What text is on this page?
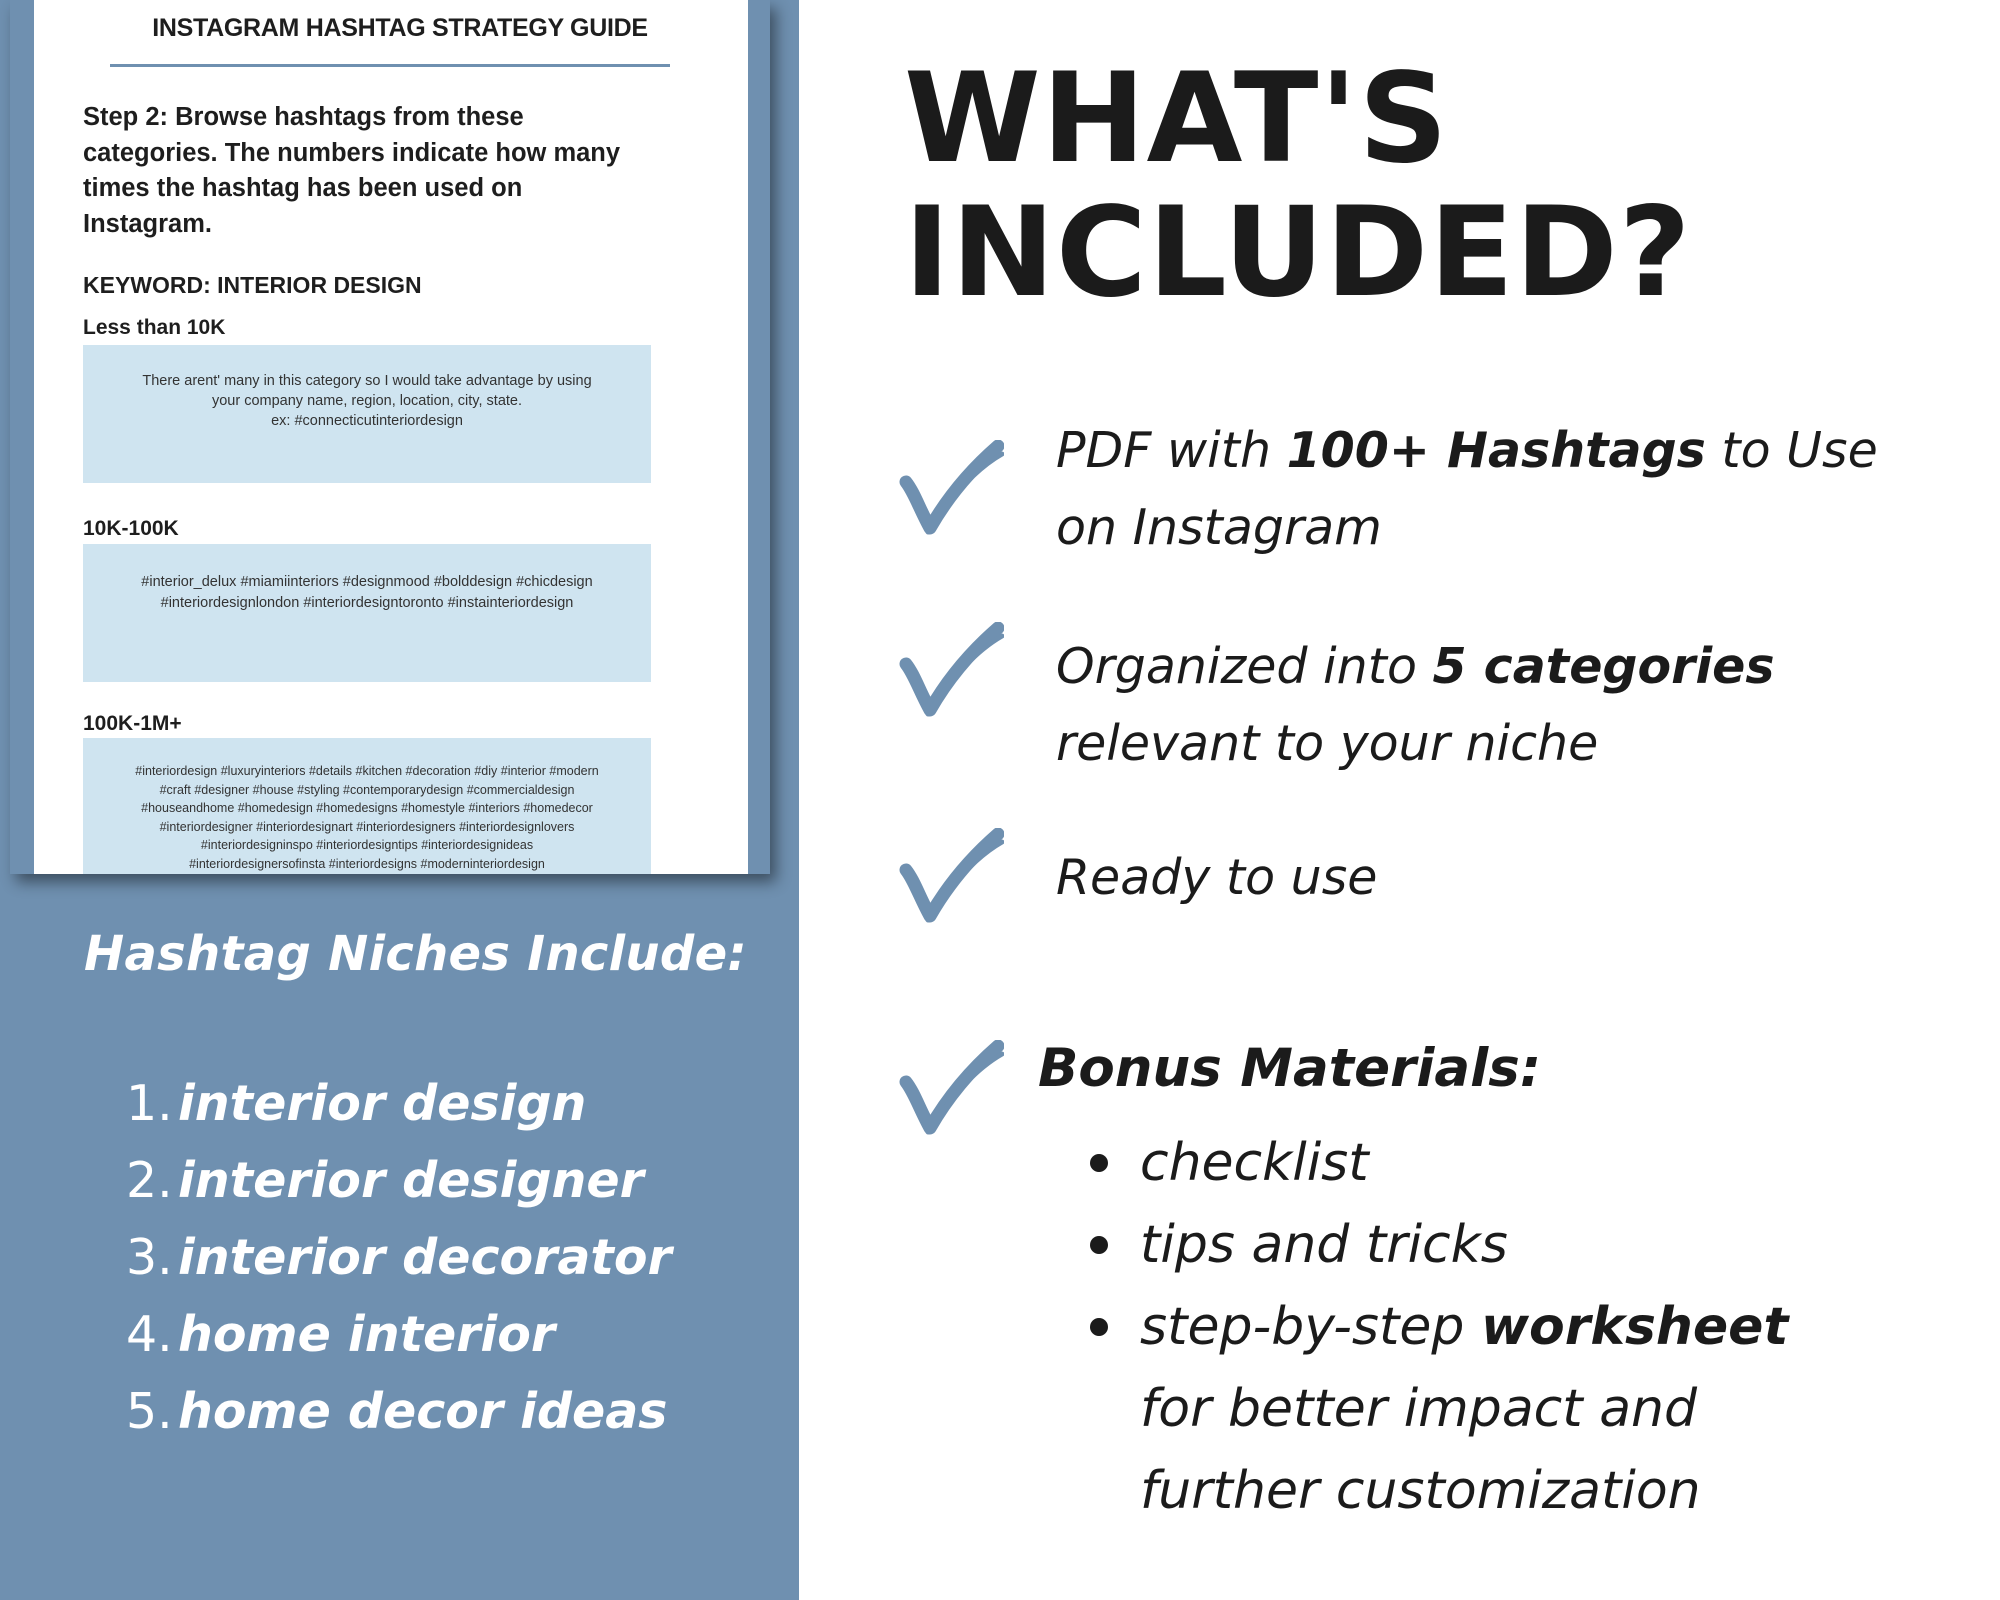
INSTAGRAM HASHTAG STRATEGY GUIDE
Step 2: Browse hashtags from these
categories. The numbers indicate how many
times the hashtag has been used on
Instagram.
KEYWORD: INTERIOR DESIGN
Less than 10K
There arent' many in this category so I would take advantage by using
your company name, region, location, city, state.
ex: #connecticutinteriordesign
10K-100K
#interior_delux #miamiinteriors #designmood #bolddesign #chicdesign
#interiordesignlondon #interiordesigntoronto #instainteriordesign
100K-1M+
#interiordesign #luxuryinteriors #details #kitchen #decoration #diy #interior #modern
#craft #designer #house #styling #contemporarydesign #commercialdesign
#houseandhome #homedesign #homedesigns #homestyle #interiors #homedecor
#interiordesigner #interiordesignart #interiordesigners #interiordesignlovers
#interiordesigninspo #interiordesigntips #interiordesignideas
#interiordesignersofinsta #interiordesigns #moderninteriordesign
Hashtag Niches Include:
1. interior design
2. interior designer
3. interior decorator
4. home interior
5. home decor ideas
WHAT'S
INCLUDED?
PDF with 100+ Hashtags to Use
on Instagram
Organized into 5 categories
relevant to your niche
Ready to use
Bonus Materials:
checklist
tips and tricks
step-by-step worksheet
for better impact and
further customization
